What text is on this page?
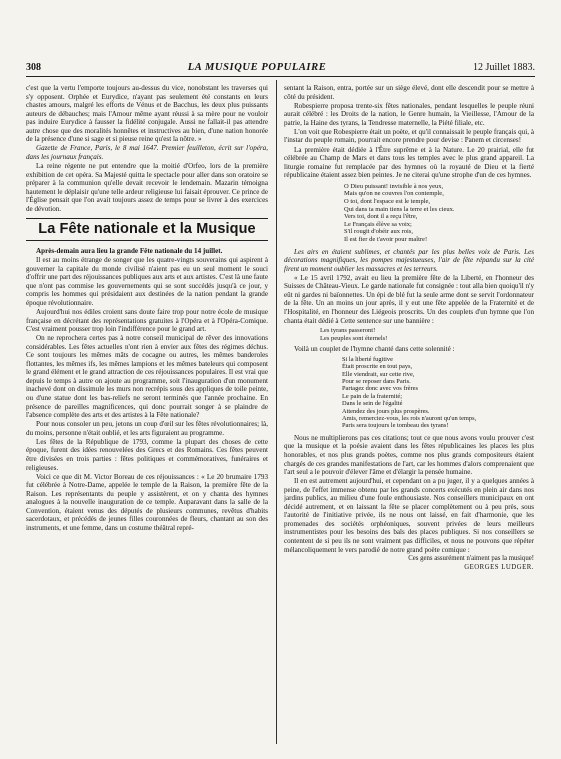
308	LA MUSIQUE POPULAIRE	12 Juillet 1883.

c'est que la vertu l'emporte toujours au-dessus du vice, nonobstant les traverses qui s'y opposent. Orphée et Eurydice, n'ayant pas seulement été constants en leurs chastes amours, malgré les efforts de Vénus et de Bacchus, les deux plus puissants auteurs de débauches; mais l'Amour même ayant réussi à sa mère pour ne vouloir pas induire Eurydice à fausser la fidélité conjugale. Aussi ne fallait-il pas attendre autre chose que des moralités honnêtes et instructives au bien, d'une nation honorée de la présence d'une si sage et si pieuse reine qu'est la nôtre. »

Gazette de France, Paris, le 8 mai 1647. Premier feuilleton, écrit sur l'opéra, dans les journaux français.

La reine régente ne put entendre que la moitié d'Orfeo, lors de la première exhibition de cet opéra. Sa Majesté quitta le spectacle pour aller dans son oratoire se préparer à la communion qu'elle devait recevoir le lendemain. Mazarin témoigna hautement le déplaisir qu'une telle ardeur religieuse lui faisait éprouver. Ce prince de l'Église pensait que l'on avait toujours assez de temps pour se livrer à des exercices de dévotion.

La Fête nationale et la Musique

Après-demain aura lieu la grande Fête nationale du 14 juillet.

Il est au moins étrange de songer que les quatre-vingts souverains qui aspirent à gouverner la capitale du monde civilisé n'aient pas eu un seul moment le souci d'offrir une part des réjouissances publiques aux arts et aux artistes. C'est là une faute que n'ont pas commise les gouvernements qui se sont succédés jusqu'à ce jour, y compris les hommes qui présidaient aux destinées de la nation pendant la grande époque révolutionnaire.

Aujourd'hui nos édiles croient sans doute faire trop pour notre école de musique française en décrétant des représentations gratuites à l'Opéra et à l'Opéra-Comique. C'est vraiment pousser trop loin l'indifférence pour le grand art.

On ne reprochera certes pas à notre conseil municipal de rêver des innovations considérables. Les fêtes actuelles n'ont rien à envier aux fêtes des régimes déchus. Ce sont toujours les mêmes mâts de cocagne ou autres, les mêmes banderoles flottantes, les mêmes ifs, les mêmes lampions et les mêmes bateleurs qui composent le grand élément et le grand attraction de ces réjouissances populaires. Il est vrai que depuis le temps à autre on ajoute au programme, soit l'inauguration d'un monument inachevé dont on dissimule les murs non recrépis sous des appliques de toile peinte, ou d'une statue dont les bas-reliefs ne seront terminés que l'année prochaine. En présence de pareilles magnificences, qui donc pourrait songer à se plaindre de l'absence complète des arts et des artistes à la Fête nationale?

Pour nous consoler un peu, jetons un coup d'œil sur les fêtes révolutionnaires; là, du moins, personne n'était oublié, et les arts figuraient au programme.

Les fêtes de la République de 1793, comme la plupart des choses de cette époque, furent des idées renouvelées des Grecs et des Romains. Ces fêtes peuvent être divisées en trois parties : fêtes politiques et commémoratives, funéraires et religieuses.

Voici ce que dit M. Victor Boreau de ces réjouissances : « Le 20 brumaire 1793 fut célébrée à Notre-Dame, appelée le temple de la Raison, la première fête de la Raison. Les représentants du peuple y assistèrent, et on y chanta des hymnes analogues à la nouvelle inauguration de ce temple. Auparavant dans la salle de la Convention, étaient venus des députés de plusieurs communes, revêtus d'habits sacerdotaux, et précédés de jeunes filles couronnées de fleurs, chantant au son des instruments, et une femme, dans un costume théâtral repré-

sentant la Raison, entra, portée sur un siège élevé, dont elle descendit pour se mettre à côté du président.

Robespierre proposa trente-six fêtes nationales, pendant lesquelles le peuple réuni aurait célébré : les Droits de la nation, le Genre humain, la Vieillesse, l'Amour de la patrie, la Haine des tyrans, la Tendresse maternelle, la Piété filiale, etc.

L'on voit que Robespierre était un poète, et qu'il connaissait le peuple français qui, à l'instar du peuple romain, pourrait encore prendre pour devise : Panem et circenses!

La première était dédiée à l'Être suprême et à la Nature. Le 20 prairial, elle fut célébrée au Champ de Mars et dans tous les temples avec le plus grand appareil. La liturgie romaine fut remplacée par des hymnes où la royauté de Dieu et la fierté républicaine étaient assez bien peintes. Je ne citerai qu'une strophe d'un de ces hymnes.

O Dieu puissant! invisible à nos yeux,
Mais qu'on ne couvres l'on contemple,
O toi, dont l'espace est le temple,
Qui dans ta main tiens la terre et les cieux.
Vers toi, dont il a reçu l'être,
Le Français élève sa voix;
S'il rougit d'obéir aux rois,
Il est fier de t'avoir pour maître!

Les airs en étaient sublimes, et chantés par les plus belles voix de Paris. Les décorations magnifiques, les pompes majestueuses, l'air de fête répandu sur la cité firent un moment oublier les massacres et les terreurs.

« Le 15 avril 1792, avait eu lieu la première fête de la Liberté, en l'honneur des Suisses de Château-Vieux. Le garde nationale fut consignée : tout alla bien quoiqu'il n'y eût ni gardes ni baïonnettes. Un épi de blé fut la seule arme dont se servit l'ordonnateur de la fête. Un an moins un jour après, il y eut une fête appelée de la Fraternité et de l'Hospitalité, en l'honneur des Liégeois proscrits. Un des couplets d'un hymne que l'on chanta était dédié à Cette sentence sur une bannière :

Les tyrans passeront!
Les peuples sont éternels!

Voilà un couplet de l'hymne chanté dans cette solennité :

Si la liberté fugitive
Était proscrite en tout pays,
Elle viendrait, sur cette rive,
Pour se reposer dans Paris.
Partagez donc avec vos frères
Le pain de la fraternité;
Dans le sein de l'égalité
Attendez des jours plus prospères.
Amis, remerciez-vous, les rois n'auront qu'un temps,
Paris sera toujours le tombeau des tyrans!

Nous ne multiplierons pas ces citations; tout ce que nous avons voulu prouver c'est que la musique et la poésie avaient dans les fêtes républicaines les places les plus honorables, et nos plus grands poètes, comme nos plus grands compositeurs étaient chargés de ces grandes manifestations de l'art, car les hommes d'alors comprenaient que l'art seul a le pouvoir d'élever l'âme et d'élargir la pensée humaine.

Il en est autrement aujourd'hui, et cependant on a pu juger, il y a quelques années à peine, de l'effet immense obtenu par les grands concerts exécutés en plein air dans nos jardins publics, au milieu d'une foule enthousiaste. Nos conseillers municipaux en ont décidé autrement, et en laissant la fête se placer complètement ou à peu près, sous l'autorité de l'initiative privée, ils ne nous ont laissé, en fait d'harmonie, que les promenades des sociétés orphéoniques, souvent privées de leurs meilleurs instrumentistes pour les besoins des bals des places publiques. Si nos conseillers se contentent de si peu ils ne sont vraiment pas difficiles, et nous ne pouvons que répéter mélancoliquement le vers parodié de notre grand poète comique :

Ces gens assurément n'aiment pas la musique!
GEORGES LUDGER.
